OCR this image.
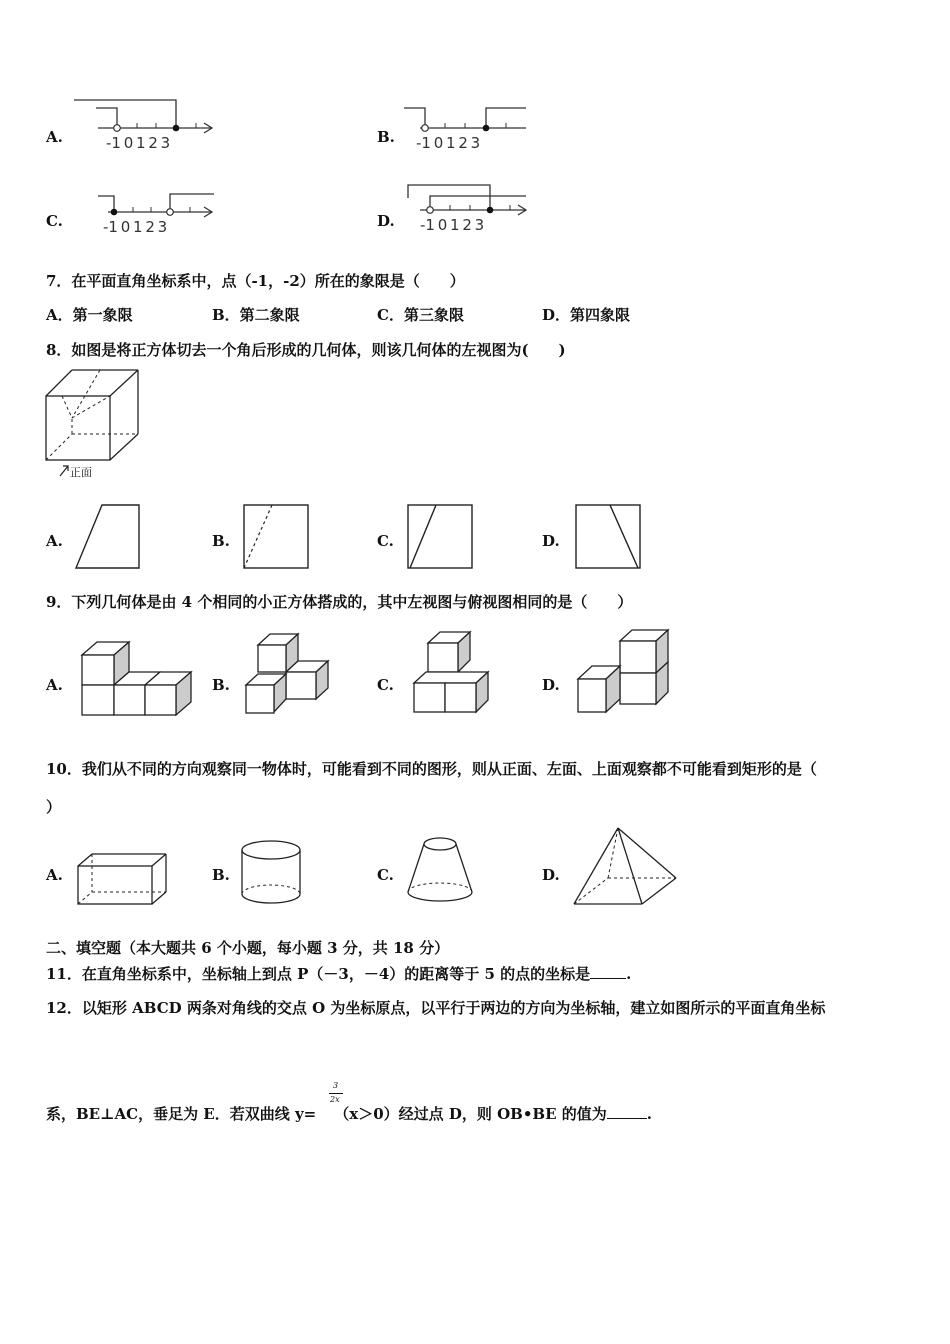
A.	-1 0 1 2 3	B. -1 0 1 2 3
C.	-1 0 1 2 3	D. -1 0 1 2 3
7．在平面直角坐标系中，点（-1，-2）所在的象限是（　　）
A．第一象限	B．第二象限	C．第三象限	D．第四象限
8．如图是将正方体切去一个角后形成的几何体，则该几何体的左视图为(　　)
正面
A.	B.	C.	D.
9．下列几何体是由 4 个相同的小正方体搭成的，其中左视图与俯视图相同的是（　　）
A.	B.	C.	D.
10．我们从不同的方向观察同一物体时，可能看到不同的图形，则从正面、左面、上面观察都不可能看到矩形的是（
）
A.	B.	C.	D.
二、填空题（本大题共 6 个小题，每小题 3 分，共 18 分）
11．在直角坐标系中，坐标轴上到点 P（－3，－4）的距离等于 5 的点的坐标是 .
12．以矩形 ABCD 两条对角线的交点 O 为坐标原点，以平行于两边的方向为坐标轴，建立如图所示的平面直角坐标
系，BE⊥AC，垂足为 E．若双曲线 y= （x＞0）经过点 D，则 OB•BE 的值为	.
3
2x
